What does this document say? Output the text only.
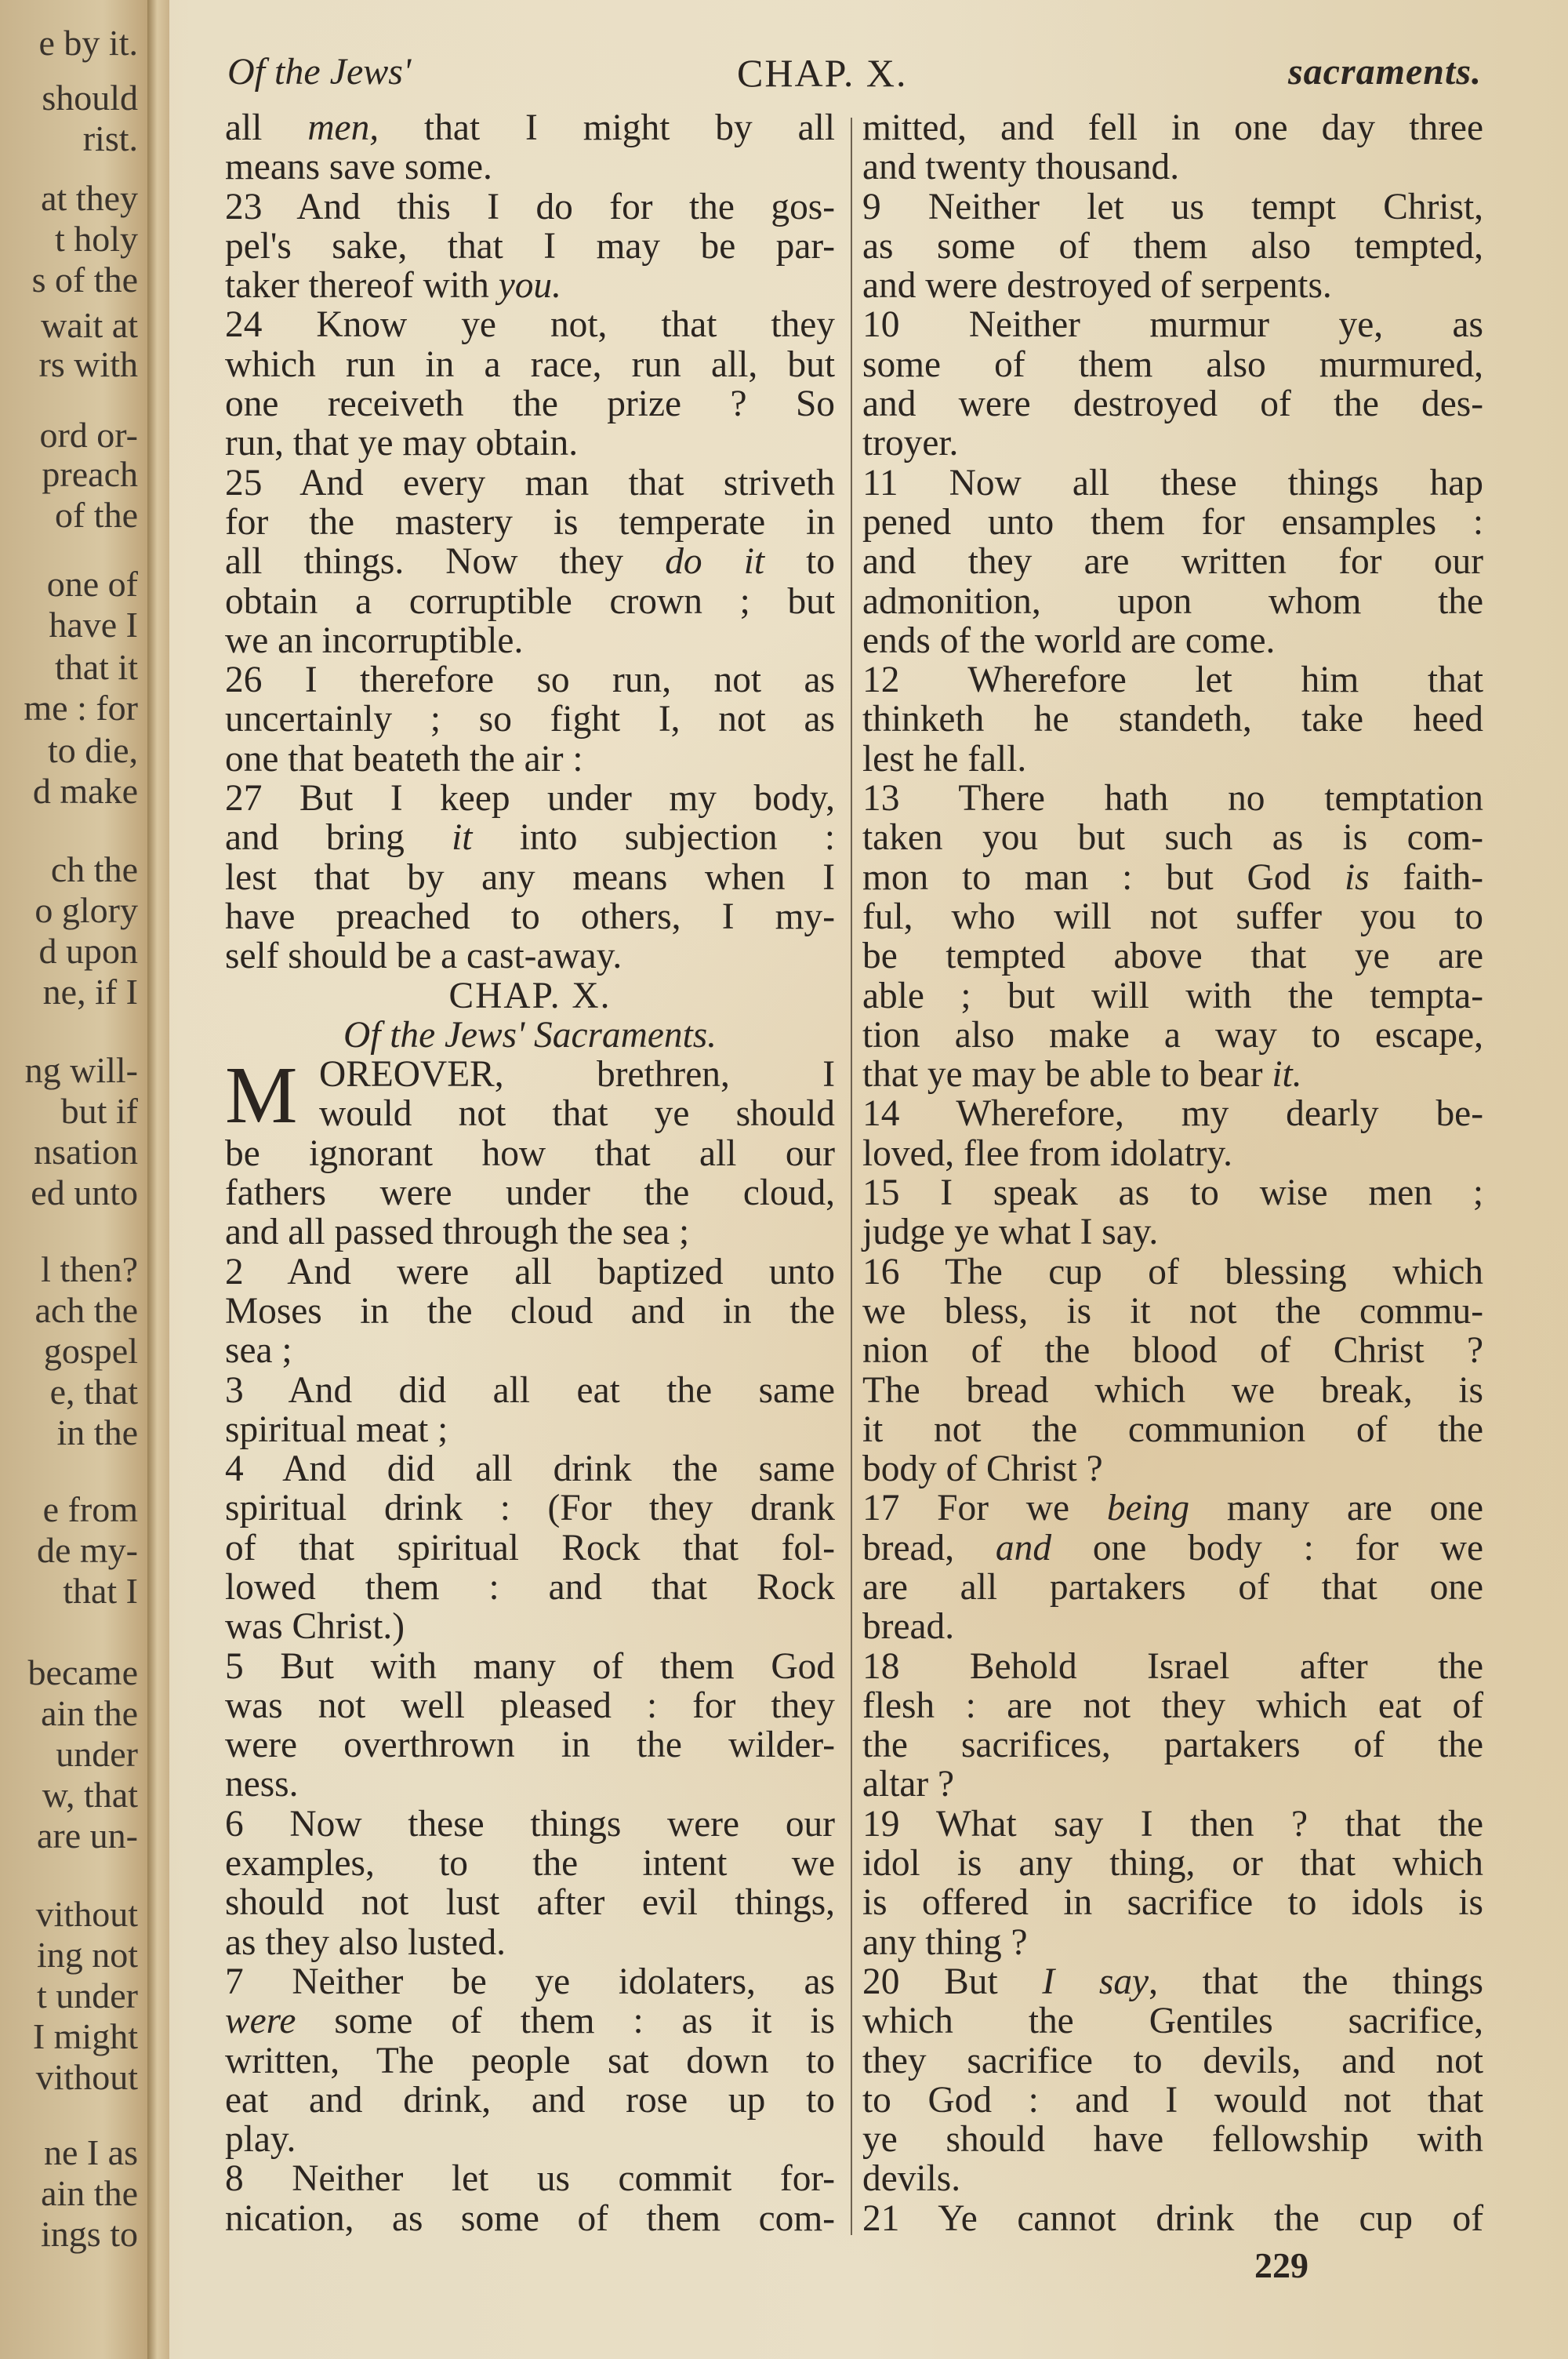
e by it.
should
rist.
at they
t holy
s of the
wait at
rs with
ord or-
preach
of the
one of
have I
that it
me : for
to die,
d make
ch the
o glory
d upon
ne, if I
ng will-
but if
nsation
ed unto
l then?
ach the
gospel
e, that
in the
e from
de my-
that I
became
ain the
under
w, that
are un-
vithout
ing not
t under
I might
vithout
ne I as
ain the
ings to
Of the Jews'	CHAP. X.	sacraments.
all men, that I might by all
means save some.
23 And this I do for the gos-
pel's sake, that I may be par-
taker thereof with you.
24 Know ye not, that they
which run in a race, run all, but
one receiveth the prize ? So
run, that ye may obtain.
25 And every man that striveth
for the mastery is temperate in
all things. Now they do it to
obtain a corruptible crown ; but
we an incorruptible.
26 I therefore so run, not as
uncertainly ; so fight I, not as
one that beateth the air :
27 But I keep under my body,
and bring it into subjection :
lest that by any means when I
have preached to others, I my-
self should be a cast-away.
CHAP. X.
Of the Jews' Sacraments.
M OREOVER, brethren, I
would not that ye should
be ignorant how that all our
fathers were under the cloud,
and all passed through the sea ;
2 And were all baptized unto
Moses in the cloud and in the
sea ;
3 And did all eat the same
spiritual meat ;
4 And did all drink the same
spiritual drink : (For they drank
of that spiritual Rock that fol-
lowed them : and that Rock
was Christ.)
5 But with many of them God
was not well pleased : for they
were overthrown in the wilder-
ness.
6 Now these things were our
examples, to the intent we
should not lust after evil things,
as they also lusted.
7 Neither be ye idolaters, as
were some of them : as it is
written, The people sat down to
eat and drink, and rose up to
play.
8 Neither let us commit for-
nication, as some of them com-
mitted, and fell in one day three
and twenty thousand.
9 Neither let us tempt Christ,
as some of them also tempted,
and were destroyed of serpents.
10 Neither murmur ye, as
some of them also murmured,
and were destroyed of the des-
troyer.
11 Now all these things hap
pened unto them for ensamples :
and they are written for our
admonition, upon whom the
ends of the world are come.
12 Wherefore let him that
thinketh he standeth, take heed
lest he fall.
13 There hath no temptation
taken you but such as is com-
mon to man : but God is faith-
ful, who will not suffer you to
be tempted above that ye are
able ; but will with the tempta-
tion also make a way to escape,
that ye may be able to bear it.
14 Wherefore, my dearly be-
loved, flee from idolatry.
15 I speak as to wise men ;
judge ye what I say.
16 The cup of blessing which
we bless, is it not the commu-
nion of the blood of Christ ?
The bread which we break, is
it not the communion of the
body of Christ ?
17 For we being many are one
bread, and one body : for we
are all partakers of that one
bread.
18 Behold Israel after the
flesh : are not they which eat of
the sacrifices, partakers of the
altar ?
19 What say I then ? that the
idol is any thing, or that which
is offered in sacrifice to idols is
any thing ?
20 But I say, that the things
which the Gentiles sacrifice,
they sacrifice to devils, and not
to God : and I would not that
ye should have fellowship with
devils.
21 Ye cannot drink the cup of
229
